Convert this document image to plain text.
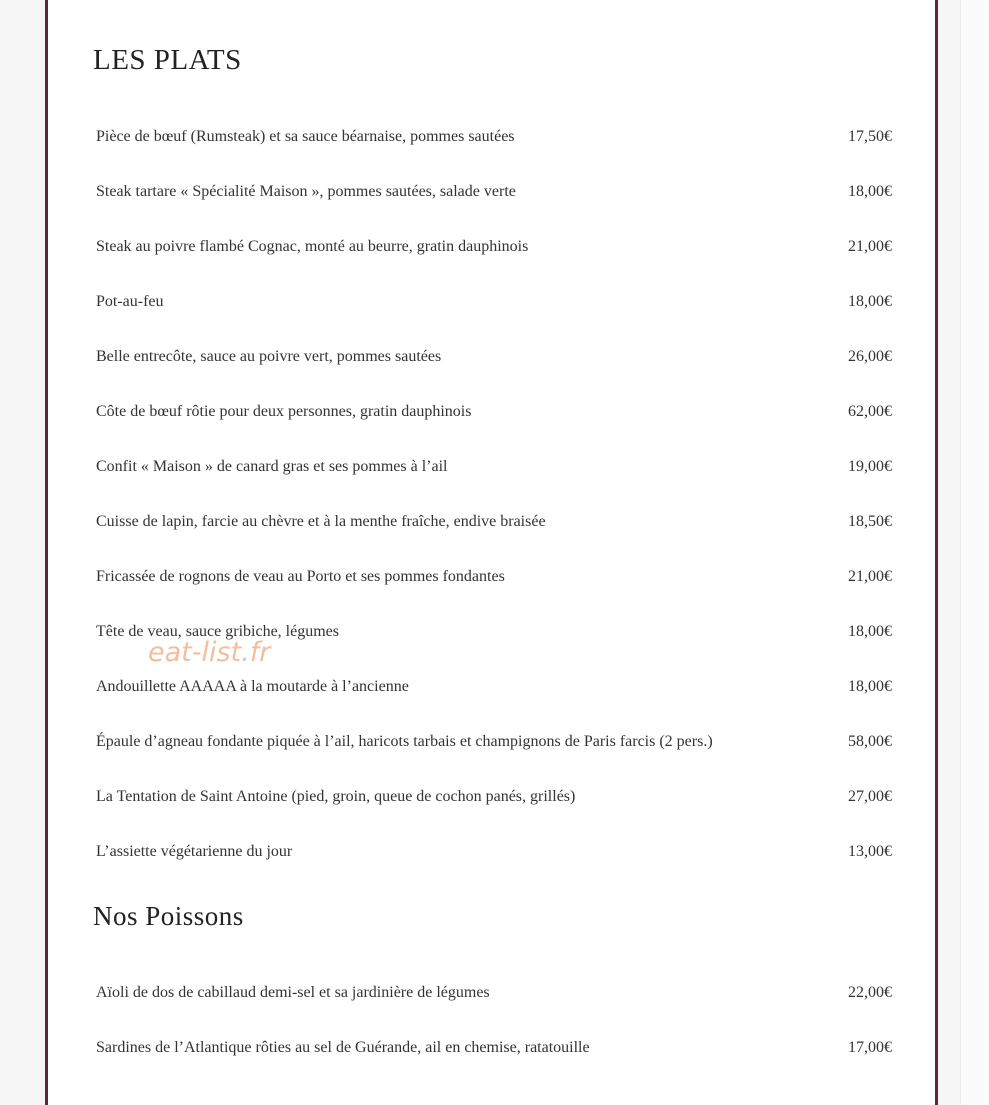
LES PLATS
Pièce de bœuf (Rumsteak) et sa sauce béarnaise, pommes sautées	17,50€
Steak tartare « Spécialité Maison », pommes sautées, salade verte	18,00€
Steak au poivre flambé Cognac, monté au beurre, gratin dauphinois	21,00€
Pot-au-feu	18,00€
Belle entrecôte, sauce au poivre vert, pommes sautées	26,00€
Côte de bœuf rôtie pour deux personnes, gratin dauphinois	62,00€
Confit « Maison » de canard gras et ses pommes à l’ail	19,00€
Cuisse de lapin, farcie au chèvre et à la menthe fraîche, endive braisée	18,50€
Fricassée de rognons de veau au Porto et ses pommes fondantes	21,00€
Tête de veau, sauce gribiche, légumes	18,00€
Andouillette AAAAA à la moutarde à l’ancienne	18,00€
Épaule d’agneau fondante piquée à l’ail, haricots tarbais et champignons de Paris farcis (2 pers.)	58,00€
La Tentation de Saint Antoine (pied, groin, queue de cochon panés, grillés)	27,00€
L’assiette végétarienne du jour	13,00€
Nos Poissons
Aïoli de dos de cabillaud demi-sel et sa jardinière de légumes	22,00€
Sardines de l’Atlantique rôties au sel de Guérande, ail en chemise, ratatouille	17,00€
eat-list.fr
